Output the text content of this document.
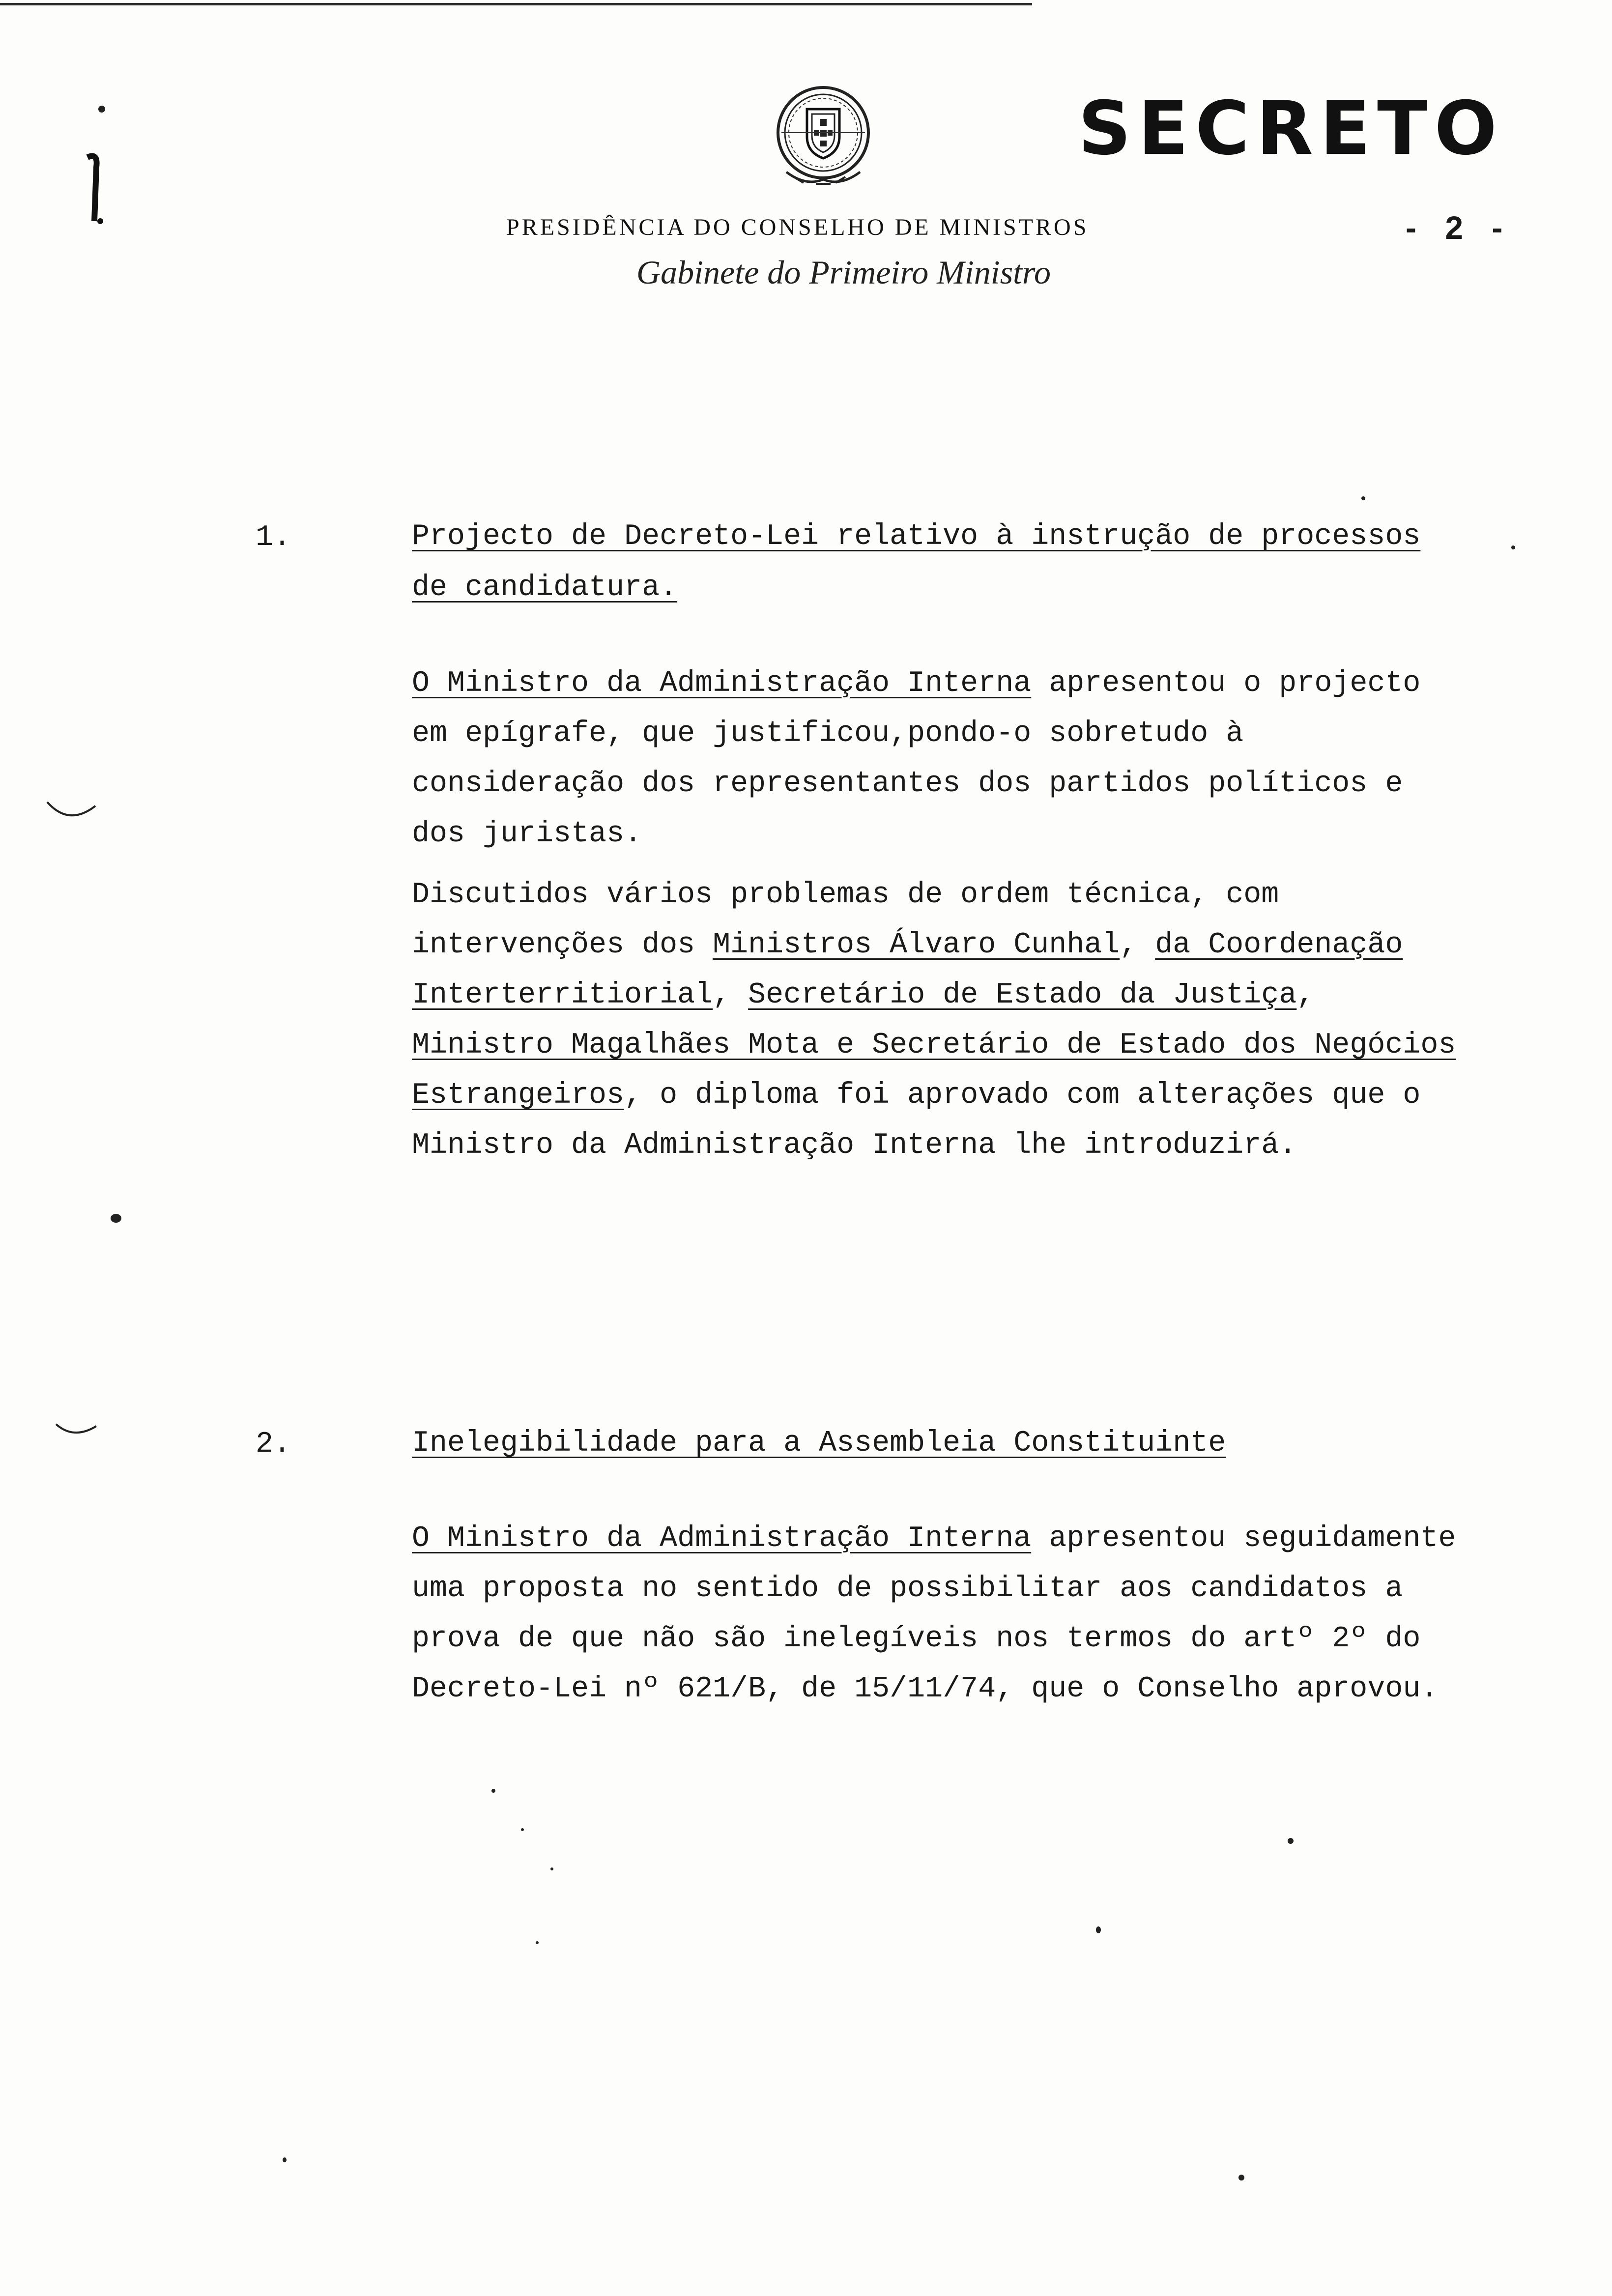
SECRETO
PRESIDÊNCIA DO CONSELHO DE MINISTROS
Gabinete do Primeiro Ministro
- 2 -
1.	Projecto de Decreto-Lei relativo à instrução de processos de candidatura.

O Ministro da Administração Interna apresentou o projecto em epígrafe, que justificou,pondo-o sobretudo à consideração dos representantes dos partidos políticos e dos juristas.

Discutidos vários problemas de ordem técnica, com intervenções dos Ministros Álvaro Cunhal, da Coordenação Interterritiorial, Secretário de Estado da Justiça, Ministro Magalhães Mota e Secretário de Estado dos Negócios Estrangeiros, o diploma foi aprovado com alterações que o Ministro da Administração Interna lhe introduzirá.

2.	Inelegibilidade para a Assembleia Constituinte

O Ministro da Administração Interna apresentou seguidamente uma proposta no sentido de possibilitar aos candidatos a prova de que não são inelegíveis nos termos do artº 2º do Decreto-Lei nº 621/B, de 15/11/74, que o Conselho aprovou.
